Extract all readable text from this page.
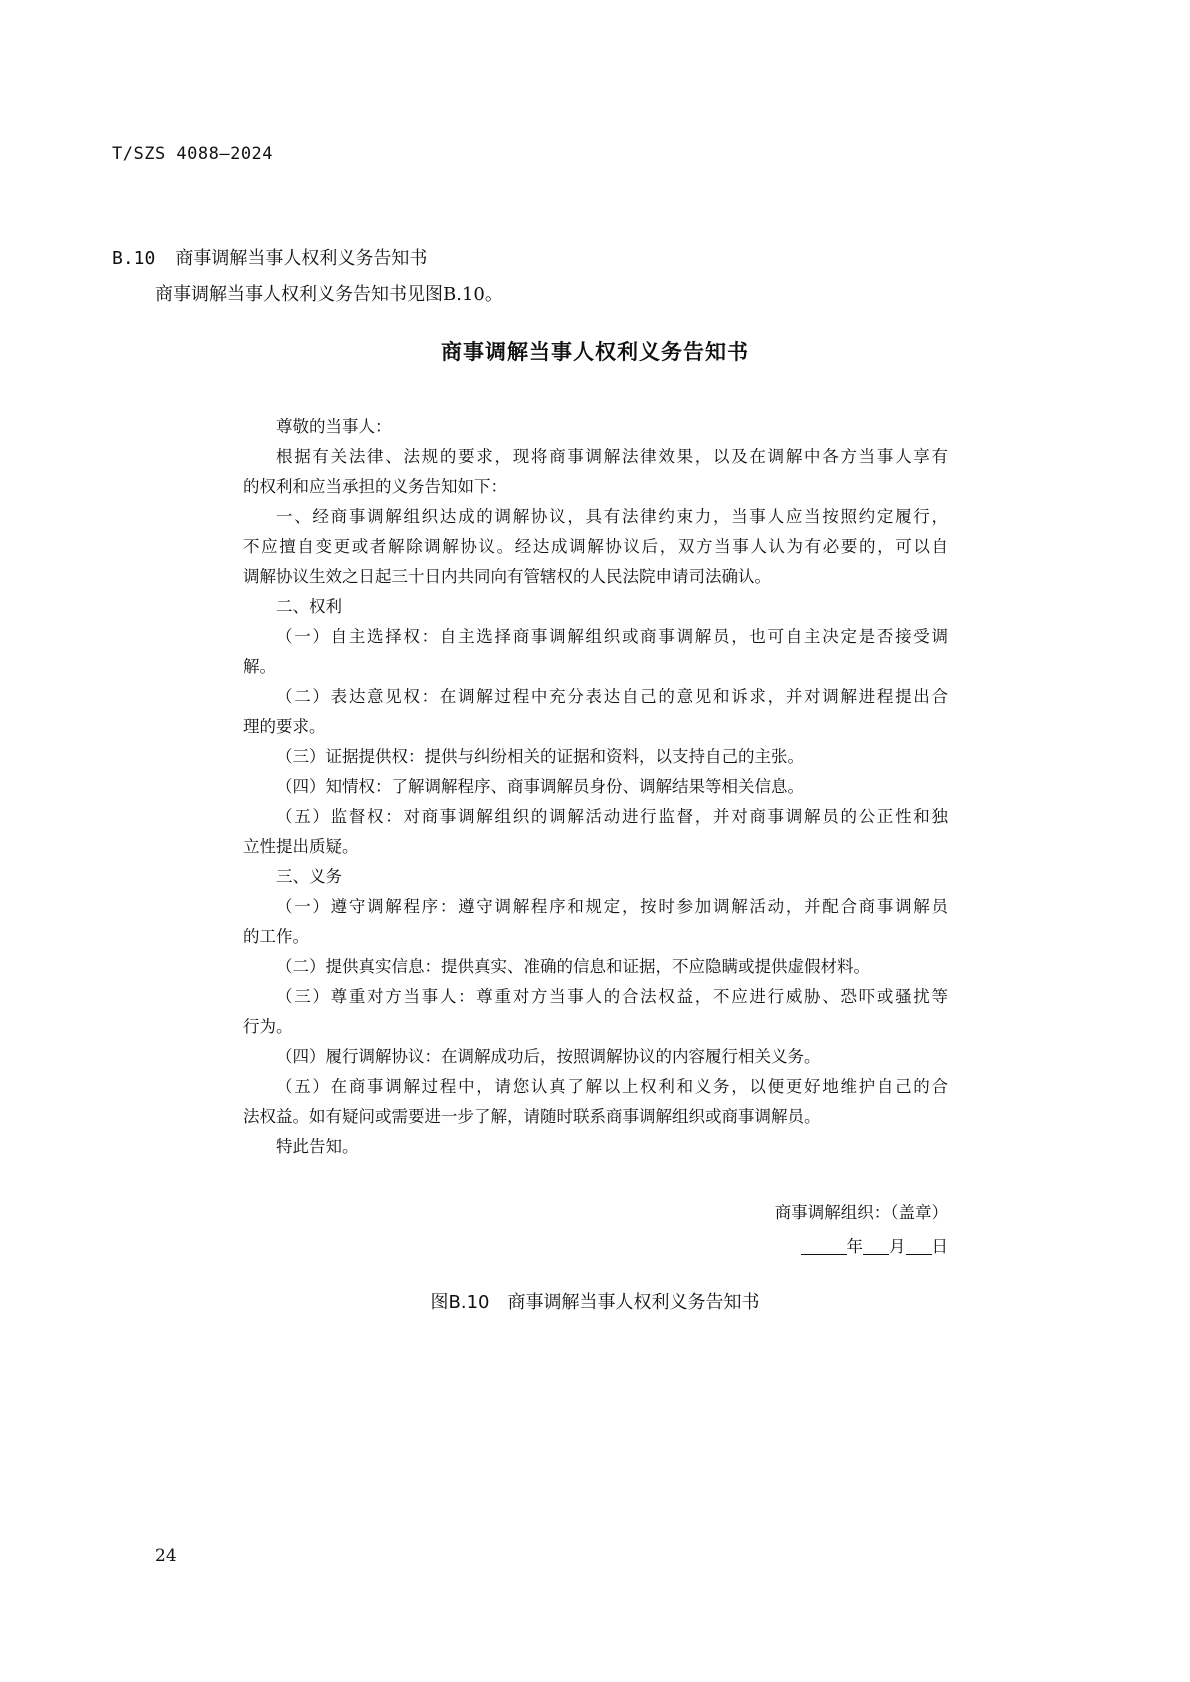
T/SZS 4088—2024
B.10 商事调解当事人权利义务告知书
商事调解当事人权利义务告知书见图B.10。
商事调解当事人权利义务告知书

尊敬的当事人：

根据有关法律、法规的要求，现将商事调解法律效果，以及在调解中各方当事人享有

的权利和应当承担的义务告知如下：

一、经商事调解组织达成的调解协议，具有法律约束力，当事人应当按照约定履行，

不应擅自变更或者解除调解协议。经达成调解协议后，双方当事人认为有必要的，可以自

调解协议生效之日起三十日内共同向有管辖权的人民法院申请司法确认。

二、权利

（一）自主选择权：自主选择商事调解组织或商事调解员，也可自主决定是否接受调

解。

（二）表达意见权：在调解过程中充分表达自己的意见和诉求，并对调解进程提出合

理的要求。

（三）证据提供权：提供与纠纷相关的证据和资料，以支持自己的主张。

（四）知情权：了解调解程序、商事调解员身份、调解结果等相关信息。

（五）监督权：对商事调解组织的调解活动进行监督，并对商事调解员的公正性和独

立性提出质疑。

三、义务

（一）遵守调解程序：遵守调解程序和规定，按时参加调解活动，并配合商事调解员

的工作。

（二）提供真实信息：提供真实、准确的信息和证据，不应隐瞒或提供虚假材料。

（三）尊重对方当事人：尊重对方当事人的合法权益，不应进行威胁、恐吓或骚扰等

行为。

（四）履行调解协议：在调解成功后，按照调解协议的内容履行相关义务。

（五）在商事调解过程中，请您认真了解以上权利和义务，以便更好地维护自己的合

法权益。如有疑问或需要进一步了解，请随时联系商事调解组织或商事调解员。

特此告知。

商事调解组织：（盖章）
年 月 日
图B.10 商事调解当事人权利义务告知书
24
